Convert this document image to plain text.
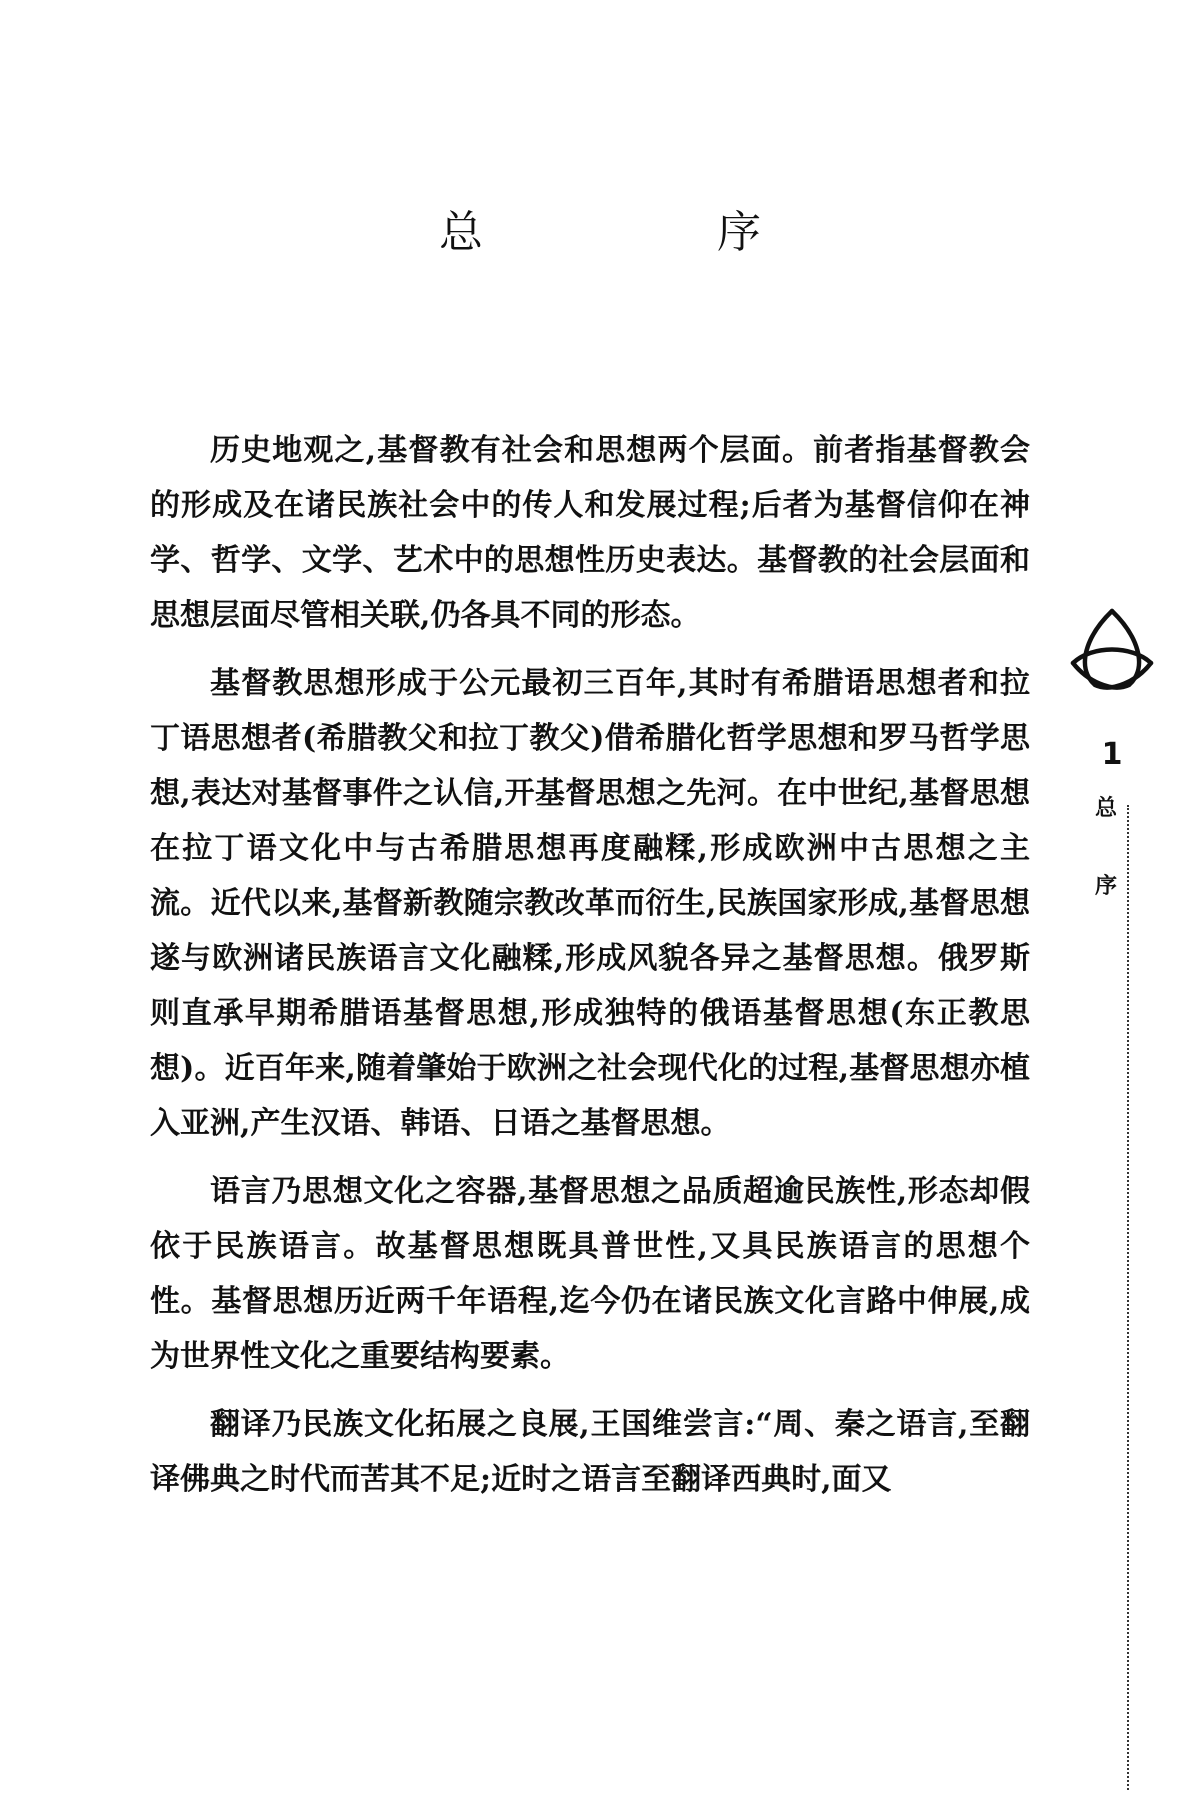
总 序

历史地观之,基督教有社会和思想两个层面。前者指基督教会的形成及在诸民族社会中的传人和发展过程;后者为基督信仰在神学、哲学、文学、艺术中的思想性历史表达。基督教的社会层面和思想层面尽管相关联,仍各具不同的形态。

基督教思想形成于公元最初三百年,其时有希腊语思想者和拉丁语思想者(希腊教父和拉丁教父)借希腊化哲学思想和罗马哲学思想,表达对基督事件之认信,开基督思想之先河。在中世纪,基督思想在拉丁语文化中与古希腊思想再度融糅,形成欧洲中古思想之主流。近代以来,基督新教随宗教改革而衍生,民族国家形成,基督思想遂与欧洲诸民族语言文化融糅,形成风貌各异之基督思想。俄罗斯则直承早期希腊语基督思想,形成独特的俄语基督思想(东正教思想)。近百年来,随着肇始于欧洲之社会现代化的过程,基督思想亦植入亚洲,产生汉语、韩语、日语之基督思想。

语言乃思想文化之容器,基督思想之品质超逾民族性,形态却假依于民族语言。故基督思想既具普世性,又具民族语言的思想个性。基督思想历近两千年语程,迄今仍在诸民族文化言路中伸展,成为世界性文化之重要结构要素。

翻译乃民族文化拓展之良展,王国维尝言:“周、秦之语言,至翻译佛典之时代而苦其不足;近时之语言至翻译西典时,面又

1
总
序
